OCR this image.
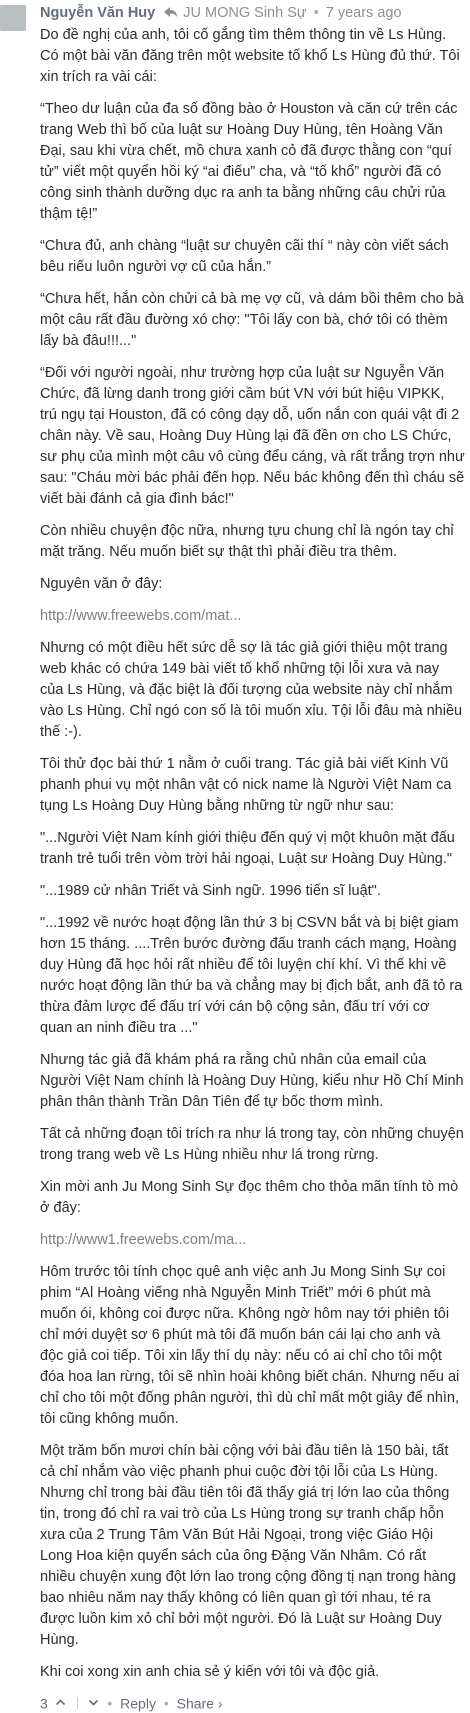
Nguyễn Văn Huy JU MONG Sinh Sự • 7 years ago

Do đề nghị của anh, tôi cố gắng tìm thêm thông tin về Ls Hùng. Có một bài văn đăng trên một website tố khổ Ls Hùng đủ thứ. Tôi xin trích ra vài cái:

“Theo dư luận của đa số đồng bào ở Houston và căn cứ trên các trang Web thì bố của luật sư Hoàng Duy Hùng, tên Hoàng Văn Đại, sau khi vừa chết, mồ chưa xanh cỏ đã được thằng con “quí tử” viết một quyển hồi ký “ai điếu” cha, và “tố khổ” người đã có công sinh thành dưỡng dục ra anh ta bằng những câu chửi rủa thậm tệ!”

“Chưa đủ, anh chàng “luật sư chuyên cãi thí “ này còn viết sách bêu riếu luôn người vợ cũ của hắn.”

“Chưa hết, hắn còn chửi cả bà mẹ vợ cũ, và dám bồi thêm cho bà một câu rất đầu đường xó chợ: "Tôi lấy con bà, chớ tôi có thèm lấy bà đâu!!!..."

“Đối với người ngoài, như trường hợp của luật sư Nguyễn Văn Chức, đã lừng danh trong giới cầm bút VN với bút hiệu VIPKK, trú ngụ tại Houston, đã có công dạy dỗ, uốn nắn con quái vật đi 2 chân này. Về sau, Hoàng Duy Hùng lại đã đền ơn cho LS Chức, sư phụ của mình một câu vô cùng đểu cáng, và rất trắng trợn như sau: "Cháu mời bác phải đến họp. Nếu bác không đến thì cháu sẽ viết bài đánh cả gia đình bác!"

Còn nhiều chuyện độc nữa, nhưng tựu chung chỉ là ngón tay chỉ mặt trăng. Nếu muốn biết sự thật thì phải điều tra thêm.

Nguyên văn ở đây:

http://www.freewebs.com/mat...

Nhưng có một điều hết sức dễ sợ là tác giả giới thiệu một trang web khác có chứa 149 bài viết tố khổ những tội lỗi xưa và nay của Ls Hùng, và đặc biệt là đối tượng của website này chỉ nhắm vào Ls Hùng. Chỉ ngó con số là tôi muốn xỉu. Tội lỗi đâu mà nhiều thế :-).

Tôi thử đọc bài thứ 1 nằm ở cuối trang. Tác giả bài viết Kinh Vũ phanh phui vụ một nhân vật có nick name là Người Việt Nam ca tụng Ls Hoàng Duy Hùng bằng những từ ngữ như sau:

"...Người Việt Nam kính giới thiệu đến quý vị một khuôn mặt đấu tranh trẻ tuổi trên vòm trời hải ngoại, Luật sư Hoàng Duy Hùng."

"...1989 cử nhân Triết và Sinh ngữ. 1996 tiến sĩ luật".

"...1992 về nước hoạt động lần thứ 3 bị CSVN bắt và bị biệt giam hơn 15 tháng. ....Trên bước đường đấu tranh cách mạng, Hoàng duy Hùng đã học hỏi rất nhiều để tôi luyện chí khí. Vì thế khi về nước hoạt động lần thứ ba và chẳng may bị địch bắt, anh đã tỏ ra thừa đảm lược để đấu trí với cán bộ cộng sản, đấu trí với cơ quan an ninh điều tra ..."

Nhưng tác giả đã khám phá ra rằng chủ nhân của email của Người Việt Nam chính là Hoàng Duy Hùng, kiểu như Hồ Chí Minh phân thân thành Trần Dân Tiên để tự bốc thơm mình.

Tất cả những đoạn tôi trích ra như lá trong tay, còn những chuyện trong trang web về Ls Hùng nhiều như lá trong rừng.

Xin mời anh Ju Mong Sinh Sự đọc thêm cho thỏa mãn tính tò mò ở đây:

http://www1.freewebs.com/ma...

Hôm trước tôi tính chọc quê anh việc anh Ju Mong Sinh Sự coi phim “Al Hoàng viếng nhà Nguyễn Minh Triết” mới 6 phút mà muốn ói, không coi được nữa. Không ngờ hôm nay tới phiên tôi chỉ mới duyệt sơ 6 phút mà tôi đã muốn bán cái lại cho anh và độc giả coi tiếp. Tôi xin lấy thí dụ này: nếu có ai chỉ cho tôi một đóa hoa lan rừng, tôi sẽ nhìn hoài không biết chán. Nhưng nếu ai chỉ cho tôi một đống phân người, thì dù chỉ mất một giây để nhìn, tôi cũng không muốn.

Một trăm bốn mươi chín bài cộng với bài đầu tiên là 150 bài, tất cả chỉ nhắm vào việc phanh phui cuộc đời tội lỗi của Ls Hùng. Nhưng chỉ trong bài đầu tiên tôi đã thấy giá trị lớn lao của thông tin, trong đó chỉ ra vai trò của Ls Hùng trong sự tranh chấp hỗn xưa của 2 Trung Tâm Văn Bút Hải Ngoại, trong việc Giáo Hội Long Hoa kiện quyển sách của ông Đặng Văn Nhâm. Có rất nhiều chuyện xung đột lớn lao trong cộng đồng tị nạn trong hàng bao nhiêu năm nay thấy không có liên quan gì tới nhau, té ra được luồn kim xỏ chỉ bởi một người. Đó là Luật sư Hoàng Duy Hùng.

Khi coi xong xin anh chia sẻ ý kiến với tôi và độc giả.

3	• Reply • Share ›
